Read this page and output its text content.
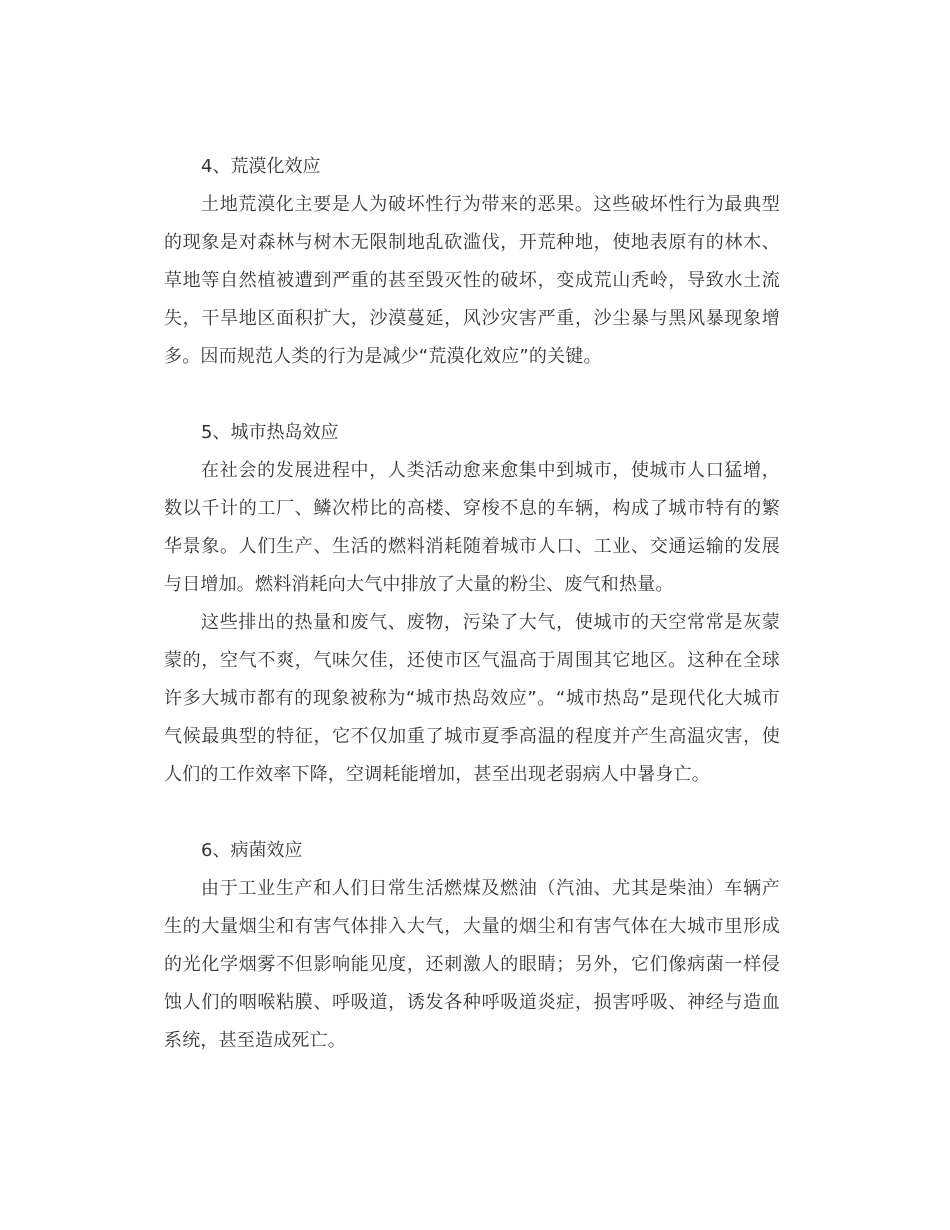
4、荒漠化效应

土地荒漠化主要是人为破坏性行为带来的恶果。这些破坏性行为最典型的现象是对森林与树木无限制地乱砍滥伐，开荒种地，使地表原有的林木、草地等自然植被遭到严重的甚至毁灭性的破坏，变成荒山秃岭，导致水土流失，干旱地区面积扩大，沙漠蔓延，风沙灾害严重，沙尘暴与黑风暴现象增多。因而规范人类的行为是减少“荒漠化效应”的关键。

5、城市热岛效应

在社会的发展进程中，人类活动愈来愈集中到城市，使城市人口猛增，数以千计的工厂、鳞次栉比的高楼、穿梭不息的车辆，构成了城市特有的繁华景象。人们生产、生活的燃料消耗随着城市人口、工业、交通运输的发展与日增加。燃料消耗向大气中排放了大量的粉尘、废气和热量。

这些排出的热量和废气、废物，污染了大气，使城市的天空常常是灰蒙蒙的，空气不爽，气味欠佳，还使市区气温高于周围其它地区。这种在全球许多大城市都有的现象被称为“城市热岛效应”。“城市热岛”是现代化大城市气候最典型的特征，它不仅加重了城市夏季高温的程度并产生高温灾害，使人们的工作效率下降，空调耗能增加，甚至出现老弱病人中暑身亡。

6、病菌效应

由于工业生产和人们日常生活燃煤及燃油（汽油、尤其是柴油）车辆产生的大量烟尘和有害气体排入大气，大量的烟尘和有害气体在大城市里形成的光化学烟雾不但影响能见度，还刺激人的眼睛；另外，它们像病菌一样侵蚀人们的咽喉粘膜、呼吸道，诱发各种呼吸道炎症，损害呼吸、神经与造血系统，甚至造成死亡。
